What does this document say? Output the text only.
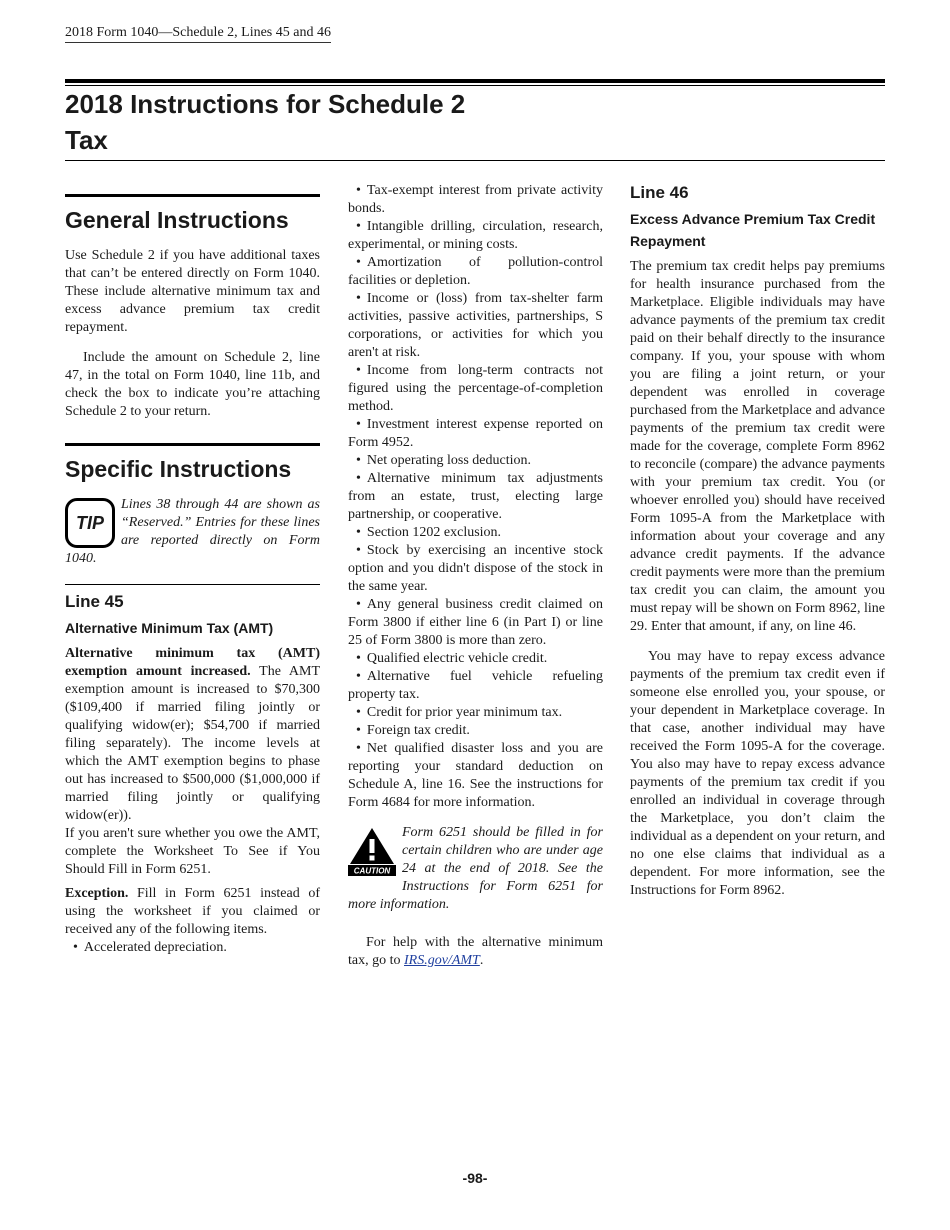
2018 Form 1040—Schedule 2, Lines 45 and 46
2018 Instructions for Schedule 2
Tax
General Instructions

Use Schedule 2 if you have additional taxes that can’t be entered directly on Form 1040. These include alternative minimum tax and excess advance premium tax credit repayment.

Include the amount on Schedule 2, line 47, in the total on Form 1040, line 11b, and check the box to indicate you’re attaching Schedule 2 to your return.

Specific Instructions
TIP
Lines 38 through 44 are shown as “Reserved.” Entries for these lines are reported directly on Form 1040.
Line 45
Alternative Minimum Tax (AMT)

Alternative minimum tax (AMT) exemption amount increased. The AMT exemption amount is increased to $70,300 ($109,400 if married filing jointly or qualifying widow(er); $54,700 if married filing separately). The income levels at which the AMT exemption begins to phase out has increased to $500,000 ($1,000,000 if married filing jointly or qualifying widow(er)).

If you aren't sure whether you owe the AMT, complete the Worksheet To See if You Should Fill in Form 6251.

Exception. Fill in Form 6251 instead of using the worksheet if you claimed or received any of the following items.

• Accelerated depreciation.
• Tax-exempt interest from private activity bonds.
• Intangible drilling, circulation, research, experimental, or mining costs.
• Amortization of pollution-control facilities or depletion.
• Income or (loss) from tax-shelter farm activities, passive activities, partnerships, S corporations, or activities for which you aren't at risk.
• Income from long-term contracts not figured using the percentage-of-completion method.
• Investment interest expense reported on Form 4952.
• Net operating loss deduction.
• Alternative minimum tax adjustments from an estate, trust, electing large partnership, or cooperative.
• Section 1202 exclusion.
• Stock by exercising an incentive stock option and you didn't dispose of the stock in the same year.
• Any general business credit claimed on Form 3800 if either line 6 (in Part I) or line 25 of Form 3800 is more than zero.
• Qualified electric vehicle credit.
• Alternative fuel vehicle refueling property tax.
• Credit for prior year minimum tax.
• Foreign tax credit.
• Net qualified disaster loss and you are reporting your standard deduction on Schedule A, line 16. See the instructions for Form 4684 for more information.
CAUTION
Form 6251 should be filled in for certain children who are under age 24 at the end of 2018. See the Instructions for Form 6251 for more information.

For help with the alternative minimum tax, go to IRS.gov/AMT.

Line 46
Excess Advance Premium Tax Credit Repayment

The premium tax credit helps pay premiums for health insurance purchased from the Marketplace. Eligible individuals may have advance payments of the premium tax credit paid on their behalf directly to the insurance company. If you, your spouse with whom you are filing a joint return, or your dependent was enrolled in coverage purchased from the Marketplace and advance payments of the premium tax credit were made for the coverage, complete Form 8962 to reconcile (compare) the advance payments with your premium tax credit. You (or whoever enrolled you) should have received Form 1095-A from the Marketplace with information about your coverage and any advance credit payments. If the advance credit payments were more than the premium tax credit you can claim, the amount you must repay will be shown on Form 8962, line 29. Enter that amount, if any, on line 46.

You may have to repay excess advance payments of the premium tax credit even if someone else enrolled you, your spouse, or your dependent in Marketplace coverage. In that case, another individual may have received the Form 1095-A for the coverage. You also may have to repay excess advance payments of the premium tax credit if you enrolled an individual in coverage through the Marketplace, you don’t claim the individual as a dependent on your return, and no one else claims that individual as a dependent. For more information, see the Instructions for Form 8962.

-98-
